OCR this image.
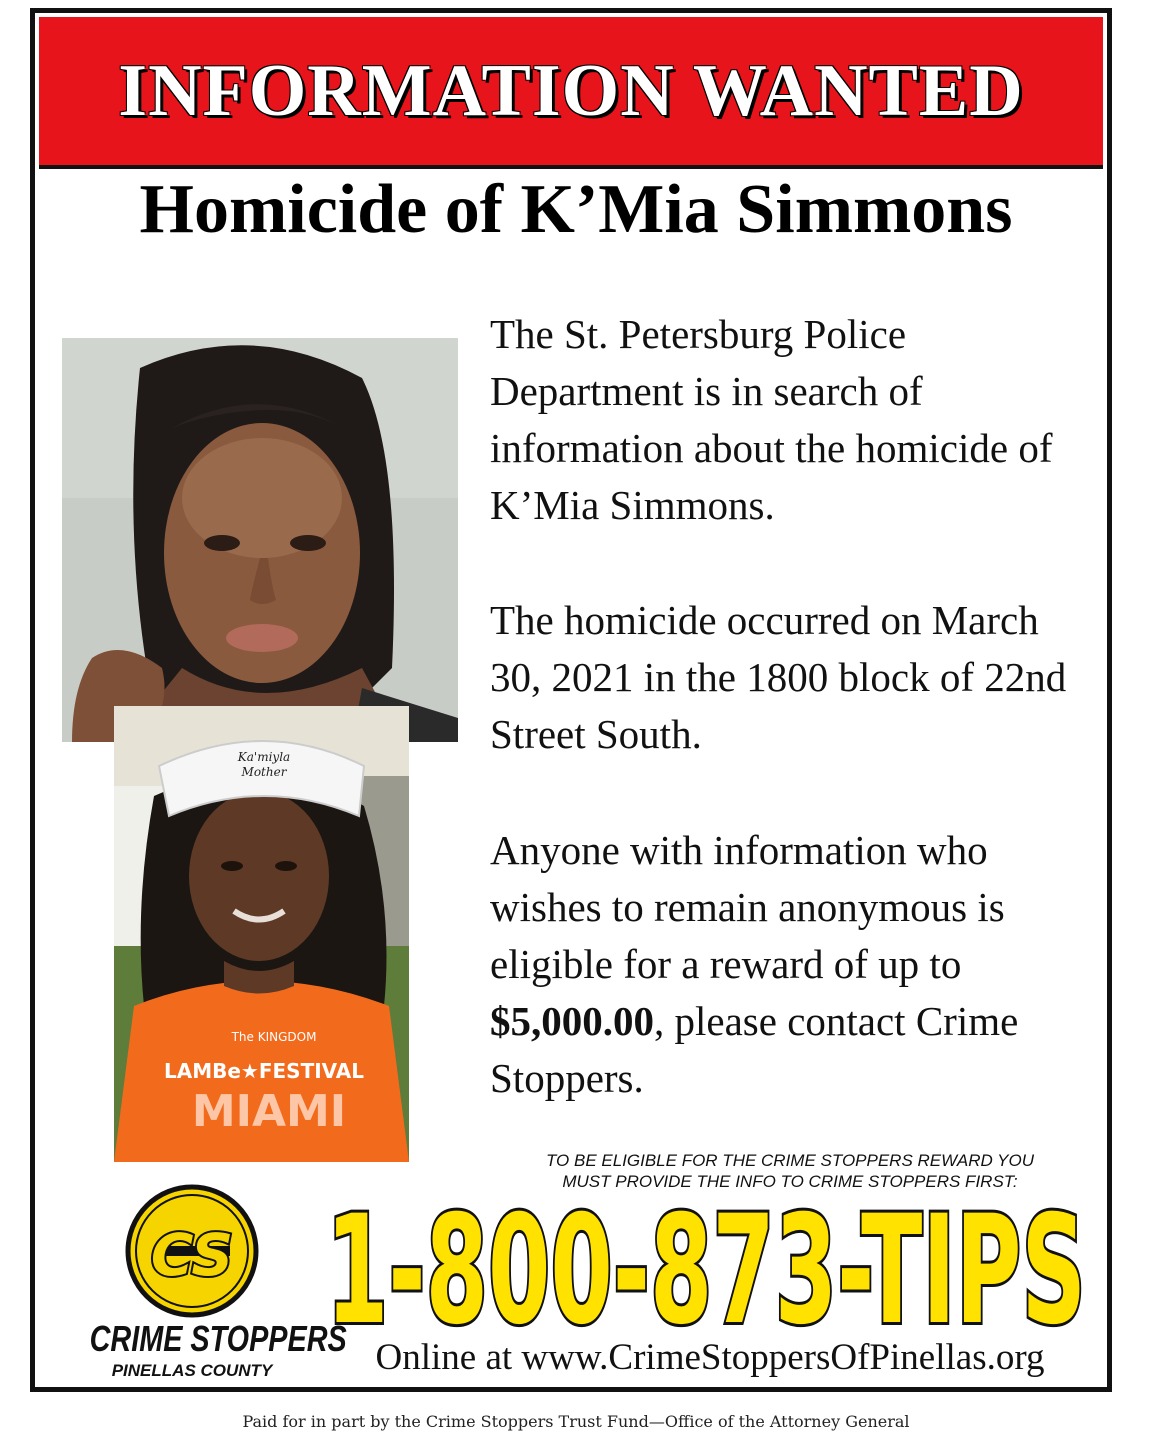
INFORMATION WANTED
Homicide of K’Mia Simmons
Ka'miyla
Mother
The KINGDOM
LAMBe★FESTIVAL
MIAMI
The St. Petersburg Police Department is in search of information about the homicide of K’Mia Simmons.
The homicide occurred on March 30, 2021 in the 1800 block of 22nd Street South.
Anyone with information who wishes to remain anonymous is eligible for a reward of up to $5,000.00, please contact Crime Stoppers.
TO BE ELIGIBLE FOR THE CRIME STOPPERS REWARD YOU
MUST PROVIDE THE INFO TO CRIME STOPPERS FIRST:
CS
CRIME STOPPERS
PINELLAS COUNTY
1-800-873-TIPS
Online at www.CrimeStoppersOfPinellas.org
Paid for in part by the Crime Stoppers Trust Fund—Office of the Attorney General
